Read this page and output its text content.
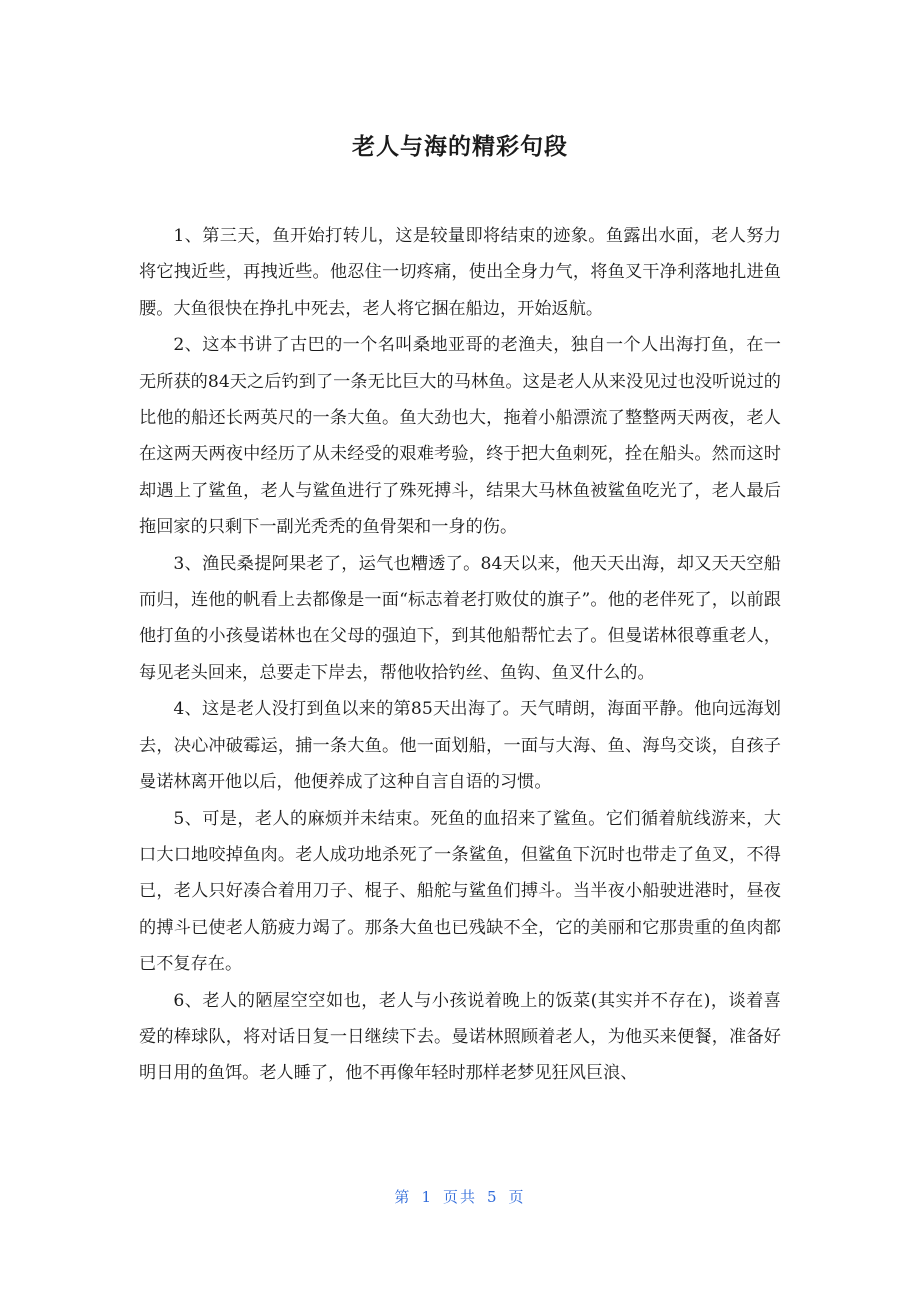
老人与海的精彩句段

1、第三天，鱼开始打转儿，这是较量即将结束的迹象。鱼露出水面，老人努力将它拽近些，再拽近些。他忍住一切疼痛，使出全身力气，将鱼叉干净利落地扎进鱼腰。大鱼很快在挣扎中死去，老人将它捆在船边，开始返航。

2、这本书讲了古巴的一个名叫桑地亚哥的老渔夫，独自一个人出海打鱼，在一无所获的84天之后钓到了一条无比巨大的马林鱼。这是老人从来没见过也没听说过的比他的船还长两英尺的一条大鱼。鱼大劲也大，拖着小船漂流了整整两天两夜，老人在这两天两夜中经历了从未经受的艰难考验，终于把大鱼刺死，拴在船头。然而这时却遇上了鲨鱼，老人与鲨鱼进行了殊死搏斗，结果大马林鱼被鲨鱼吃光了，老人最后拖回家的只剩下一副光秃秃的鱼骨架和一身的伤。

3、渔民桑提阿果老了，运气也糟透了。84天以来，他天天出海，却又天天空船而归，连他的帆看上去都像是一面“标志着老打败仗的旗子”。他的老伴死了，以前跟他打鱼的小孩曼诺林也在父母的强迫下，到其他船帮忙去了。但曼诺林很尊重老人，每见老头回来，总要走下岸去，帮他收拾钓丝、鱼钩、鱼叉什么的。

4、这是老人没打到鱼以来的第85天出海了。天气晴朗，海面平静。他向远海划去，决心冲破霉运，捕一条大鱼。他一面划船，一面与大海、鱼、海鸟交谈，自孩子曼诺林离开他以后，他便养成了这种自言自语的习惯。

5、可是，老人的麻烦并未结束。死鱼的血招来了鲨鱼。它们循着航线游来，大口大口地咬掉鱼肉。老人成功地杀死了一条鲨鱼，但鲨鱼下沉时也带走了鱼叉，不得已，老人只好凑合着用刀子、棍子、船舵与鲨鱼们搏斗。当半夜小船驶进港时，昼夜的搏斗已使老人筋疲力竭了。那条大鱼也已残缺不全，它的美丽和它那贵重的鱼肉都已不复存在。

6、老人的陋屋空空如也，老人与小孩说着晚上的饭菜(其实并不存在)，谈着喜爱的棒球队，将对话日复一日继续下去。曼诺林照顾着老人，为他买来便餐，准备好明日用的鱼饵。老人睡了，他不再像年轻时那样老梦见狂风巨浪、

第 1 页共 5 页
